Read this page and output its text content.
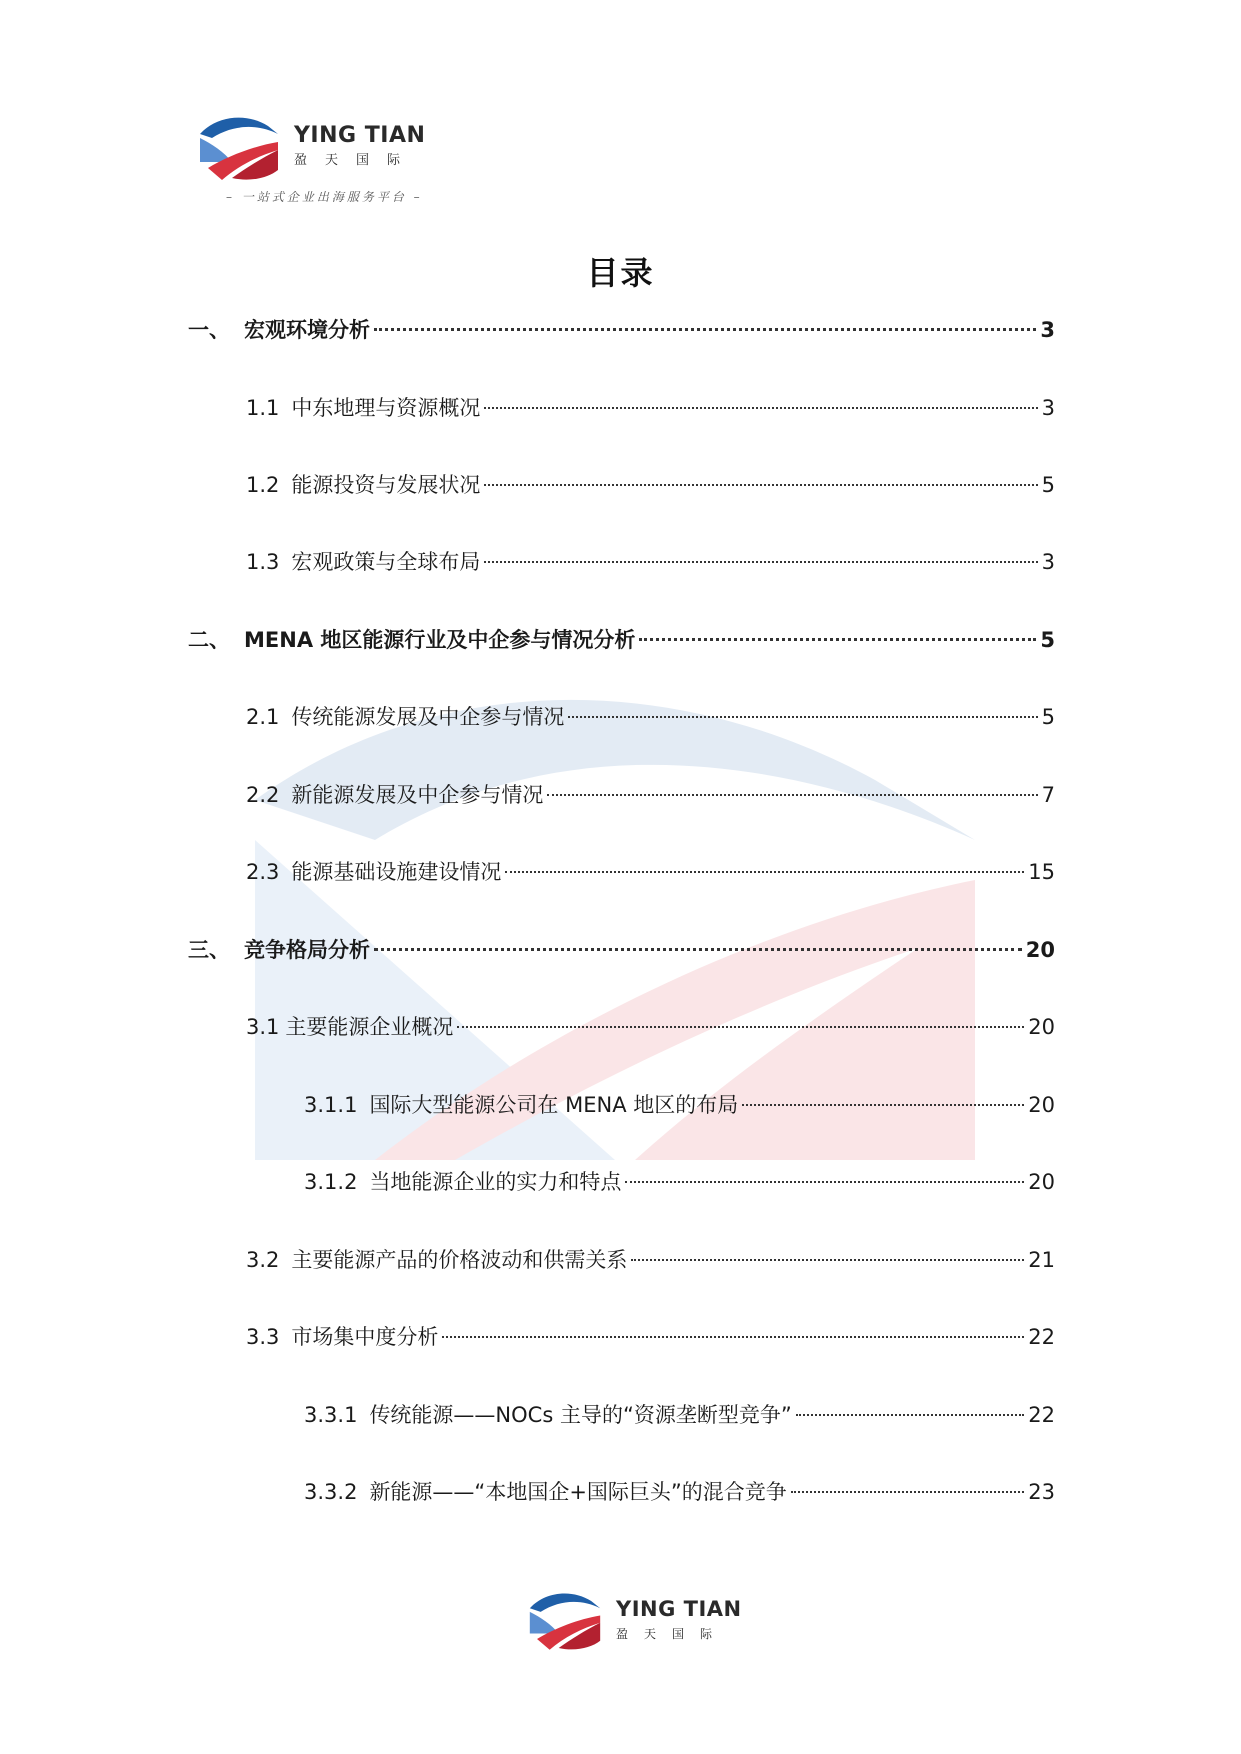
YING TIAN
盈天国际
– 一站式企业出海服务平台 –
目录
一、 宏观环境分析	3
1.1 中东地理与资源概况	3
1.2 能源投资与发展状况	5
1.3 宏观政策与全球布局	3
二、 MENA 地区能源行业及中企参与情况分析	5
2.1 传统能源发展及中企参与情况	5
2.2 新能源发展及中企参与情况	7
2.3 能源基础设施建设情况	15
三、 竞争格局分析	20
3.1 主要能源企业概况	20
3.1.1 国际大型能源公司在 MENA 地区的布局	20
3.1.2 当地能源企业的实力和特点	20
3.2 主要能源产品的价格波动和供需关系	21
3.3 市场集中度分析	22
3.3.1 传统能源——NOCs 主导的“资源垄断型竞争”	22
3.3.2 新能源——“本地国企+国际巨头”的混合竞争	23
YING TIAN
盈天国际
